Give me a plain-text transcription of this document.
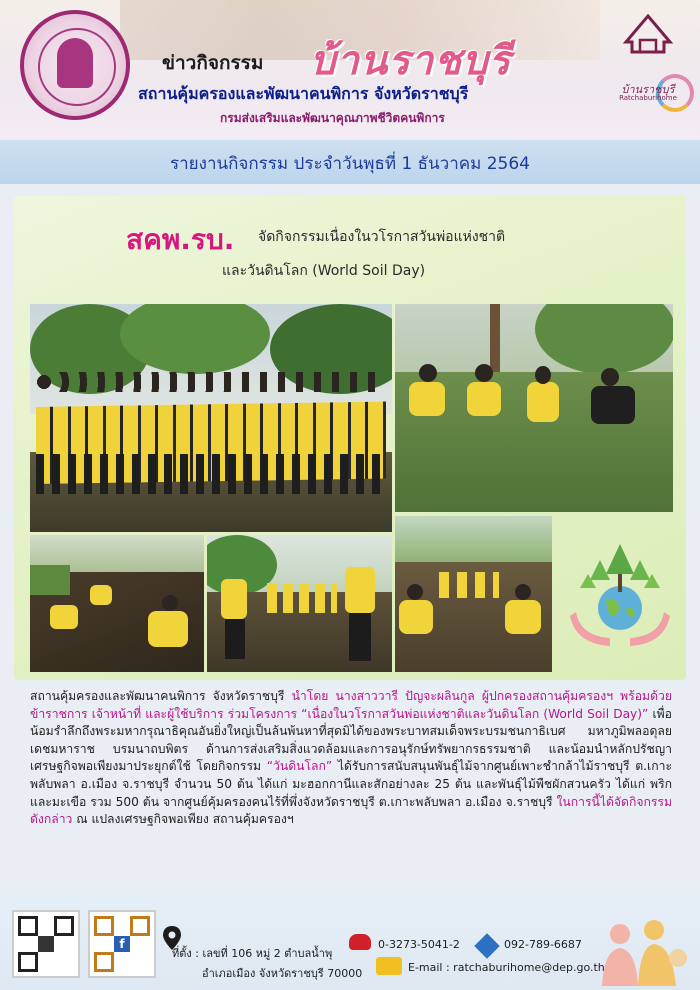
ข่าวกิจกรรม บ้านราชบุรี
สถานคุ้มครองและพัฒนาคนพิการ จังหวัดราชบุรี
กรมส่งเสริมและพัฒนาคุณภาพชีวิตคนพิการ
บ้านราชบุรี
Ratchaburihome
รายงานกิจกรรม ประจำวันพุธที่ 1 ธันวาคม 2564
สคพ.รบ. จัดกิจกรรมเนื่องในวโรกาสวันพ่อแห่งชาติ
และวันดินโลก (World Soil Day)
สถานคุ้มครองและพัฒนาคนพิการ จังหวัดราชบุรี นำโดย นางสาววารี ปัญจะผลินกูล ผู้ปกครองสถานคุ้มครองฯ พร้อมด้วย ข้าราชการ เจ้าหน้าที่ และผู้ใช้บริการ ร่วมโครงการ “เนื่องในวโรกาสวันพ่อแห่งชาติและวันดินโลก (World Soil Day)” เพื่อน้อมรำลึกถึงพระมหากรุณาธิคุณอันยิ่งใหญ่เป็นล้นพ้นหาที่สุดมิได้ของพระบาทสมเด็จพระบรมชนกาธิเบศ มหาภูมิพลอดุลยเดชมหาราช บรมนาถบพิตร ด้านการส่งเสริมสิ่งแวดล้อมและการอนุรักษ์ทรัพยากรธรรมชาติ และน้อมนำหลักปรัชญาเศรษฐกิจพอเพียงมาประยุกต์ใช้ โดยกิจกรรม “วันดินโลก” ได้รับการสนับสนุนพันธุ์ไม้จากศูนย์เพาะชำกล้าไม้ราชบุรี ต.เกาะพลับพลา อ.เมือง จ.ราชบุรี จำนวน 50 ต้น ได้แก่ มะฮอกกานีและสักอย่างละ 25 ต้น และพันธุ์ไม้พืชผักสวนครัว ได้แก่ พริกและมะเขือ รวม 500 ต้น จากศูนย์คุ้มครองคนไร้ที่พึ่งจังหวัดราชบุรี ต.เกาะพลับพลา อ.เมือง จ.ราชบุรี ในการนี้ได้จัดกิจกรรมดังกล่าว ณ แปลงเศรษฐกิจพอเพียง สถานคุ้มครองฯ
f
ที่ตั้ง : เลขที่ 106 หมู่ 2 ตำบลน้ำพุ
อำเภอเมือง จังหวัดราชบุรี 70000
0-3273-5041-2	092-789-6687
E-mail : ratchaburihome@dep.go.th
